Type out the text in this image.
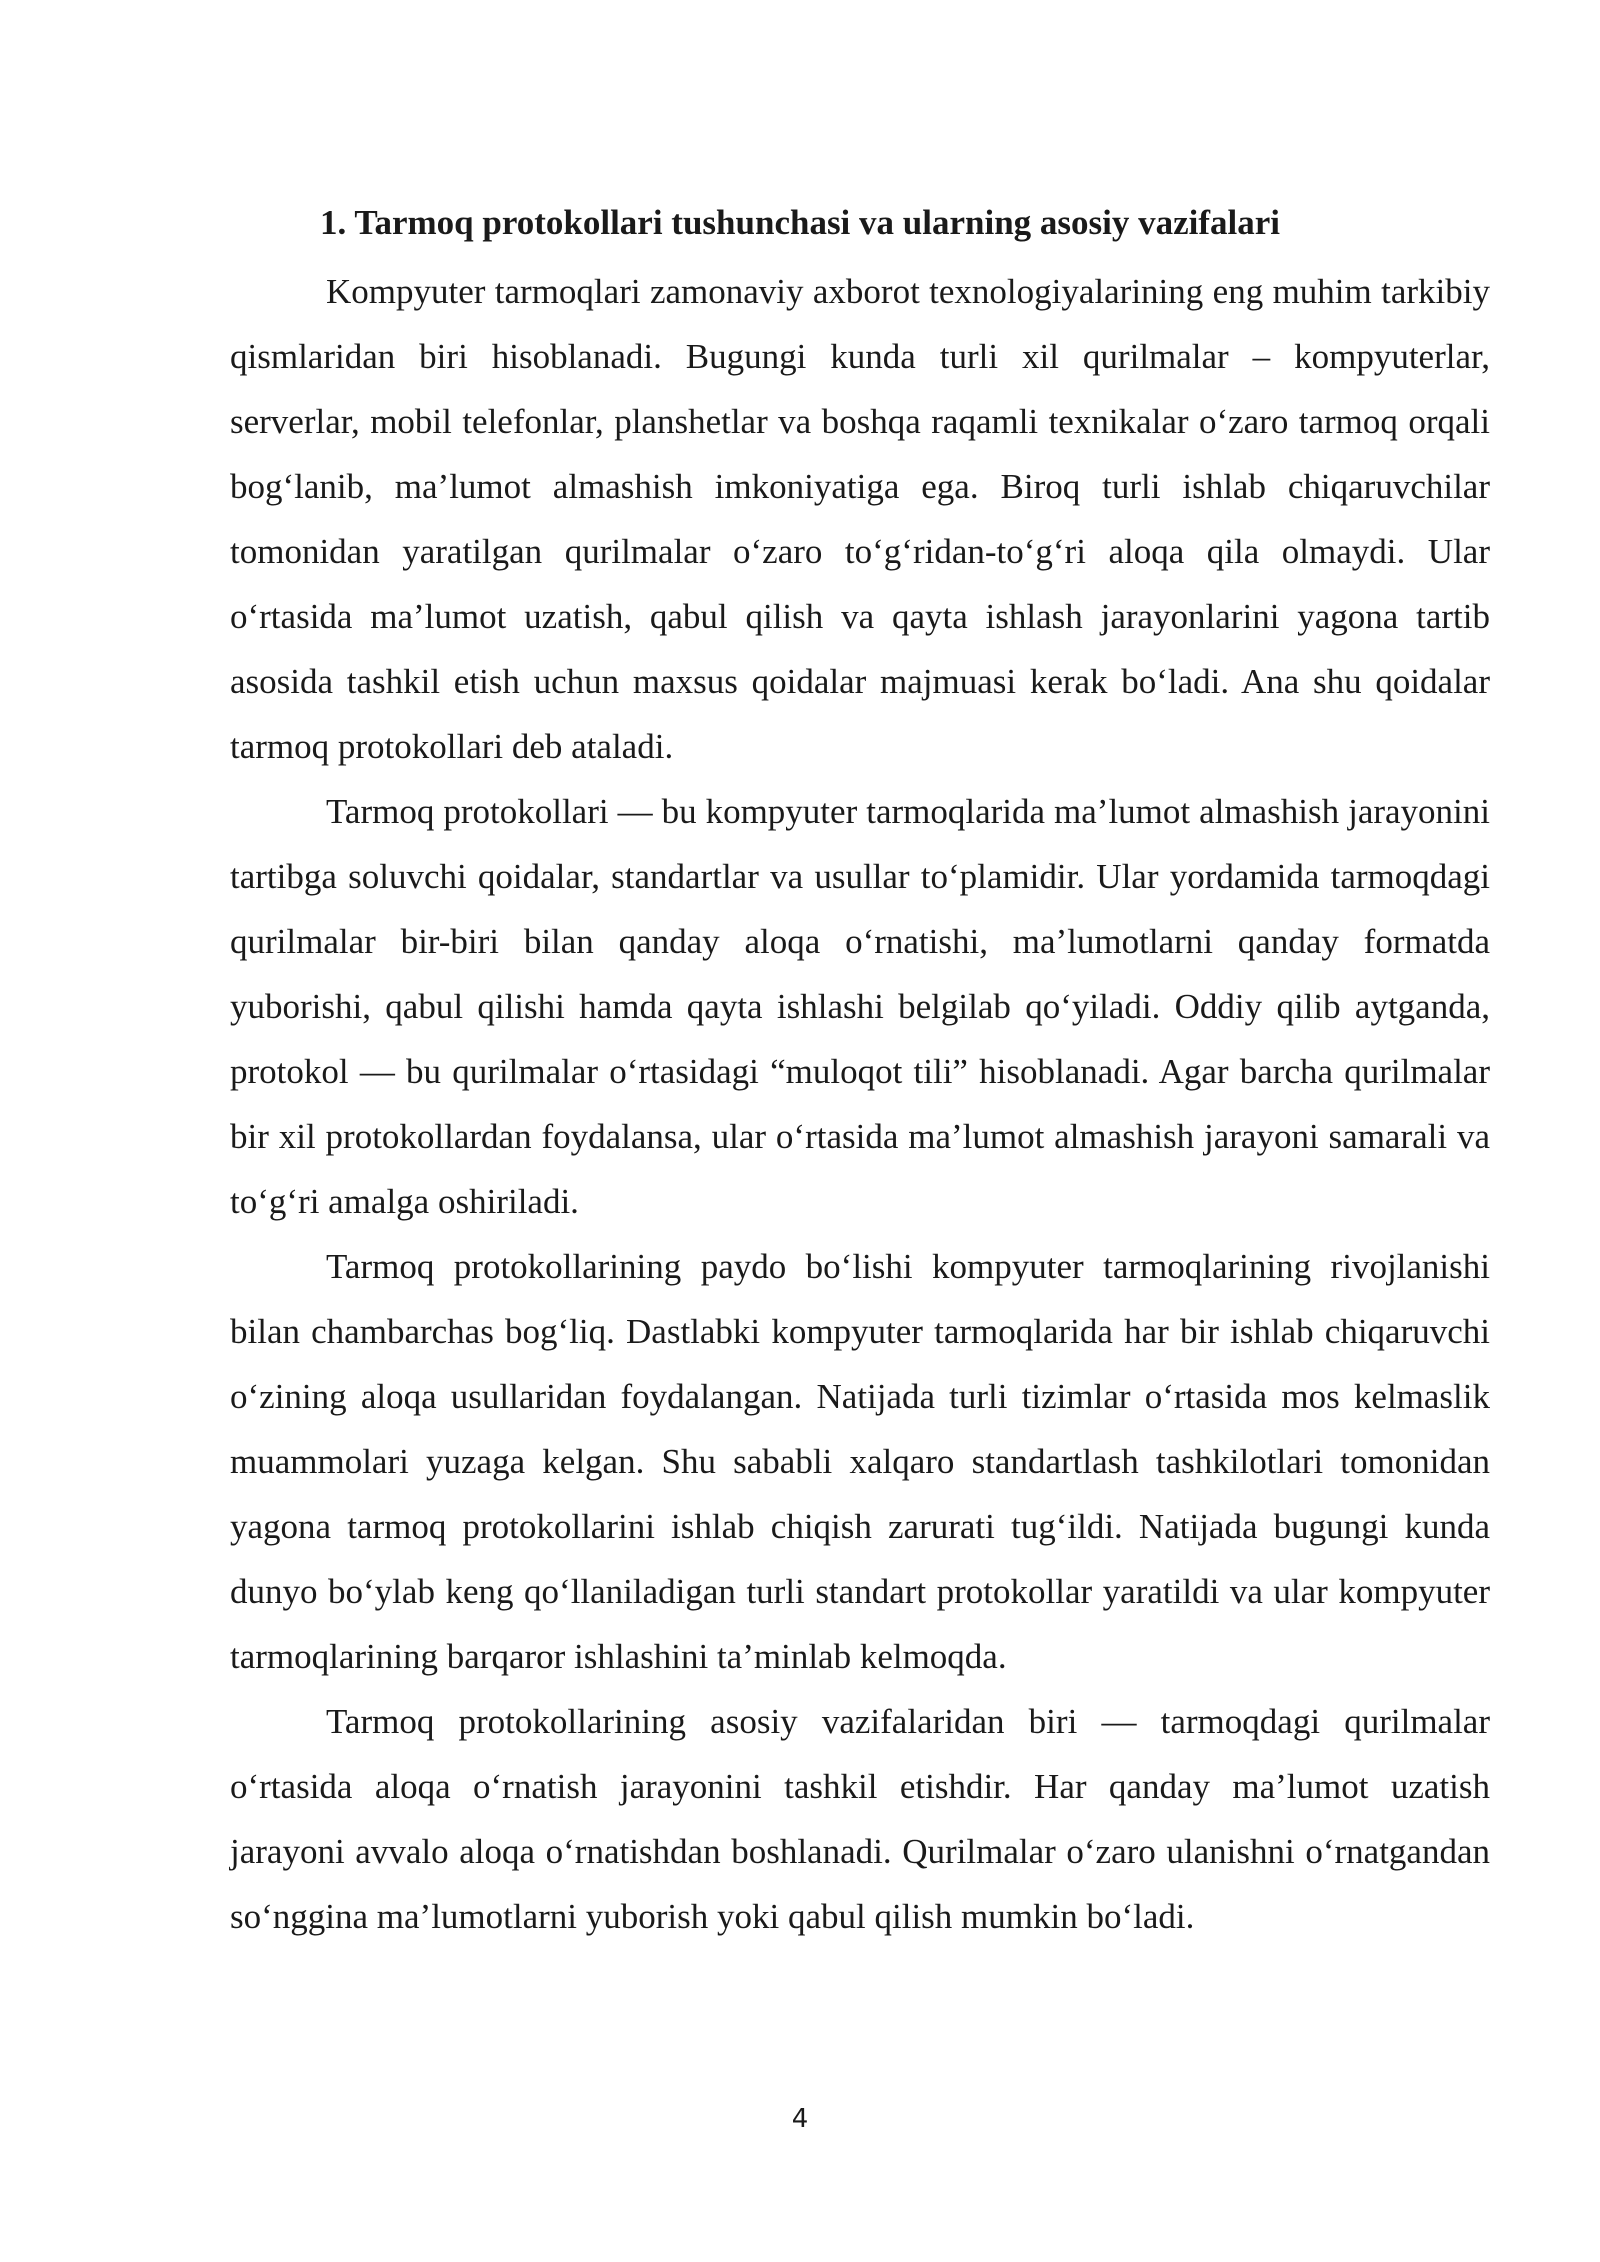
1. Tarmoq protokollari tushunchasi va ularning asosiy vazifalari

Kompyuter tarmoqlari zamonaviy axborot texnologiyalarining eng muhim tarkibiy qismlaridan biri hisoblanadi. Bugungi kunda turli xil qurilmalar – kompyuterlar, serverlar, mobil telefonlar, planshetlar va boshqa raqamli texnikalar o‘zaro tarmoq orqali bog‘lanib, ma’lumot almashish imkoniyatiga ega. Biroq turli ishlab chiqaruvchilar tomonidan yaratilgan qurilmalar o‘zaro to‘g‘ridan-to‘g‘ri aloqa qila olmaydi. Ular o‘rtasida ma’lumot uzatish, qabul qilish va qayta ishlash jarayonlarini yagona tartib asosida tashkil etish uchun maxsus qoidalar majmuasi kerak bo‘ladi. Ana shu qoidalar tarmoq protokollari deb ataladi.

Tarmoq protokollari — bu kompyuter tarmoqlarida ma’lumot almashish jarayonini tartibga soluvchi qoidalar, standartlar va usullar to‘plamidir. Ular yordamida tarmoqdagi qurilmalar bir-biri bilan qanday aloqa o‘rnatishi, ma’lumotlarni qanday formatda yuborishi, qabul qilishi hamda qayta ishlashi belgilab qo‘yiladi. Oddiy qilib aytganda, protokol — bu qurilmalar o‘rtasidagi “muloqot tili” hisoblanadi. Agar barcha qurilmalar bir xil protokollardan foydalansa, ular o‘rtasida ma’lumot almashish jarayoni samarali va to‘g‘ri amalga oshiriladi.

Tarmoq protokollarining paydo bo‘lishi kompyuter tarmoqlarining rivojlanishi bilan chambarchas bog‘liq. Dastlabki kompyuter tarmoqlarida har bir ishlab chiqaruvchi o‘zining aloqa usullaridan foydalangan. Natijada turli tizimlar o‘rtasida mos kelmaslik muammolari yuzaga kelgan. Shu sababli xalqaro standartlash tashkilotlari tomonidan yagona tarmoq protokollarini ishlab chiqish zarurati tug‘ildi. Natijada bugungi kunda dunyo bo‘ylab keng qo‘llaniladigan turli standart protokollar yaratildi va ular kompyuter tarmoqlarining barqaror ishlashini ta’minlab kelmoqda.

Tarmoq protokollarining asosiy vazifalaridan biri — tarmoqdagi qurilmalar o‘rtasida aloqa o‘rnatish jarayonini tashkil etishdir. Har qanday ma’lumot uzatish jarayoni avvalo aloqa o‘rnatishdan boshlanadi. Qurilmalar o‘zaro ulanishni o‘rnatgandan so‘nggina ma’lumotlarni yuborish yoki qabul qilish mumkin bo‘ladi.

4
